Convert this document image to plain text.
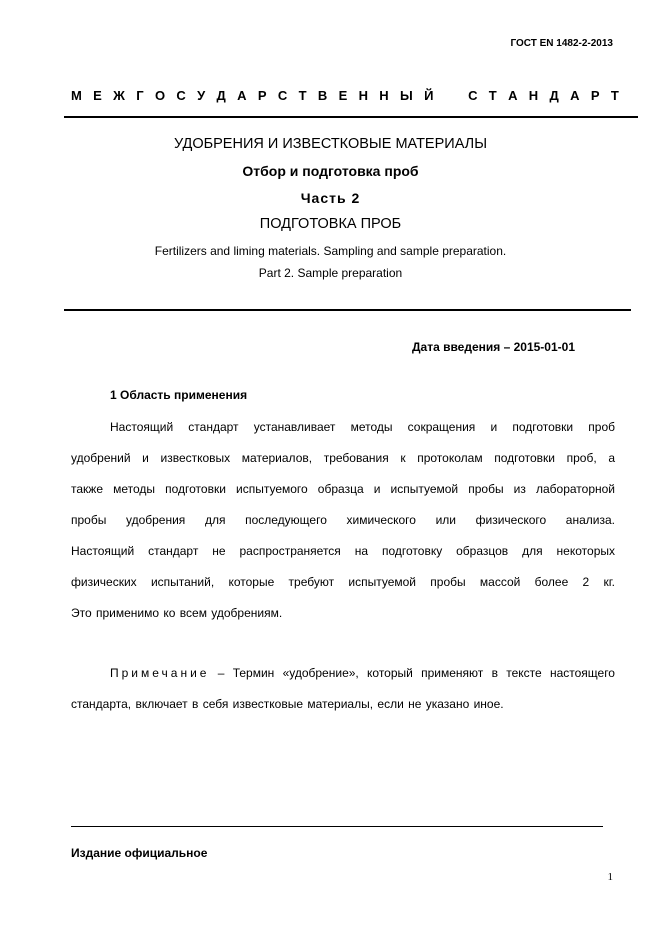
ГОСТ EN 1482-2-2013
М Е Ж Г О С У Д А Р С Т В Е Н Н Ы Й	С Т А Н Д А Р Т
УДОБРЕНИЯ И ИЗВЕСТКОВЫЕ МАТЕРИАЛЫ
Отбор и подготовка проб
Часть 2
ПОДГОТОВКА ПРОБ
Fertilizers and liming materials. Sampling and sample preparation.
Part 2. Sample preparation
Дата введения – 2015-01-01
1 Область применения
Настоящий стандарт устанавливает методы сокращения и подготовки проб
удобрений и известковых материалов, требования к протоколам подготовки проб, а
также методы подготовки испытуемого образца и испытуемой пробы из лабораторной
пробы удобрения для последующего химического или физического анализа.
Настоящий стандарт не распространяется на подготовку образцов для некоторых
физических испытаний, которые требуют испытуемой пробы массой более 2 кг.
Это применимо ко всем удобрениям.
Примечание – Термин «удобрение», который применяют в тексте настоящего
стандарта, включает в себя известковые материалы, если не указано иное.
Издание официальное
1
